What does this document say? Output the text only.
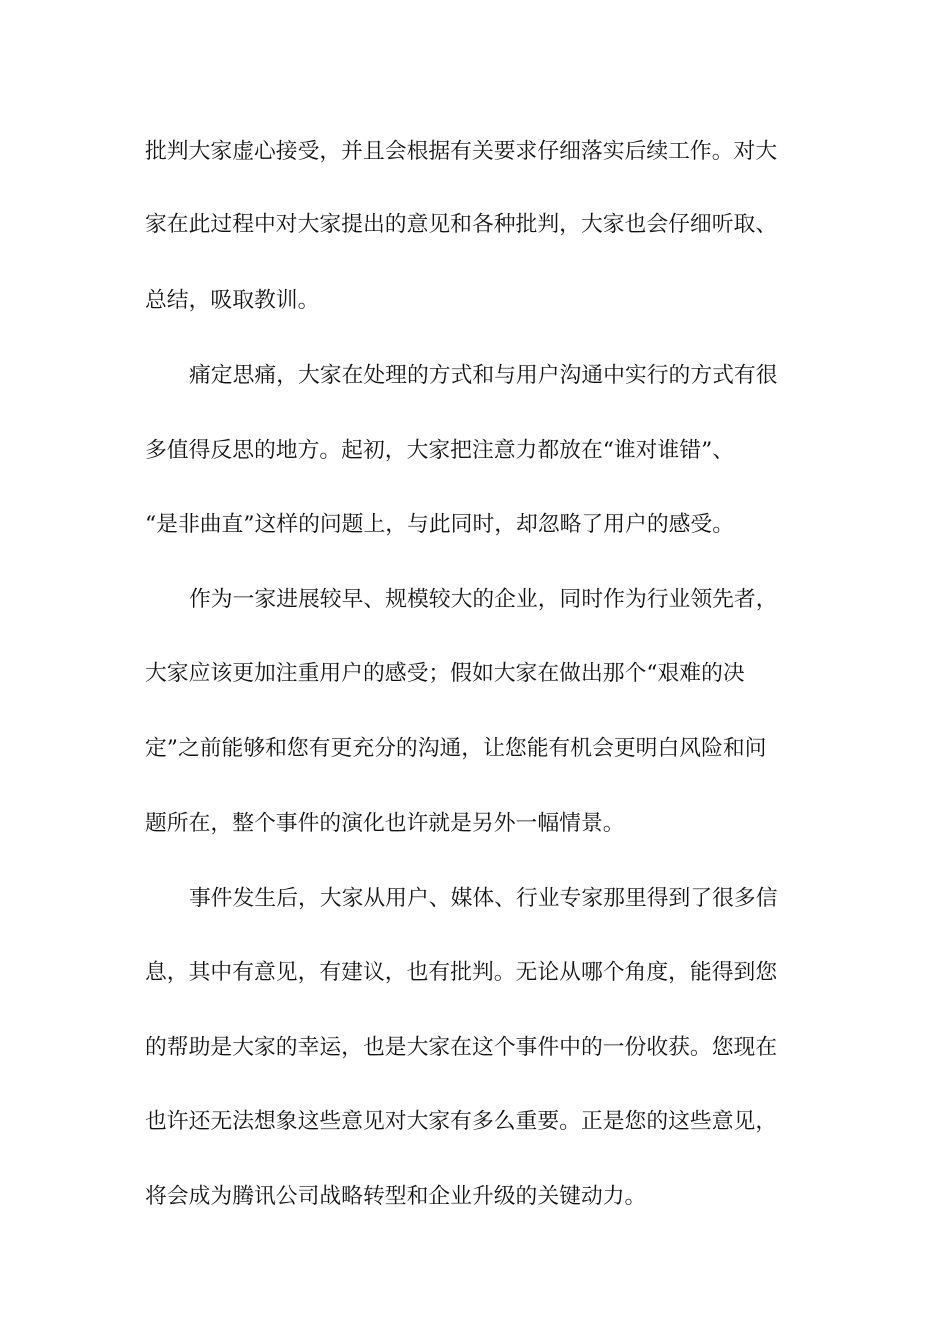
批判大家虚心接受，并且会根据有关要求仔细落实后续工作。对大
家在此过程中对大家提出的意见和各种批判，大家也会仔细听取、
总结，吸取教训。
痛定思痛，大家在处理的方式和与用户沟通中实行的方式有很
多值得反思的地方。起初，大家把注意力都放在“谁对谁错”、
“是非曲直”这样的问题上，与此同时，却忽略了用户的感受。
作为一家进展较早、规模较大的企业，同时作为行业领先者，
大家应该更加注重用户的感受；假如大家在做出那个“艰难的决
定”之前能够和您有更充分的沟通，让您能有机会更明白风险和问
题所在，整个事件的演化也许就是另外一幅情景。
事件发生后，大家从用户、媒体、行业专家那里得到了很多信
息，其中有意见，有建议，也有批判。无论从哪个角度，能得到您
的帮助是大家的幸运，也是大家在这个事件中的一份收获。您现在
也许还无法想象这些意见对大家有多么重要。正是您的这些意见，
将会成为腾讯公司战略转型和企业升级的关键动力。
